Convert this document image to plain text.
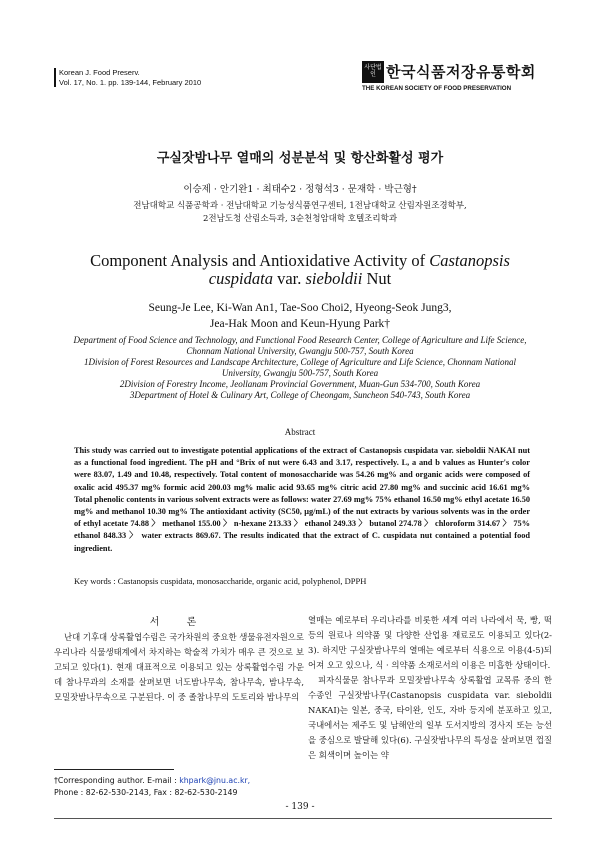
Korean J. Food Preserv.
Vol. 17, No. 1. pp. 139-144, February 2010
사단법인 한국식품저장유통학회
THE KOREAN SOCIETY OF FOOD PRESERVATION
구실잣밤나무 열매의 성분분석 및 항산화활성 평가
이승제 · 안기완1 · 최태수2 · 정형석3 · 문재학 · 박근형†
전남대학교 식품공학과 · 전남대학교 기능성식품연구센터, 1전남대학교 산림자원조경학부,
2전남도청 산림소득과, 3순천청암대학 호텔조리학과
Component Analysis and Antioxidative Activity of Castanopsis
cuspidata var. sieboldii Nut
Seung-Je Lee, Ki-Wan An1, Tae-Soo Choi2, Hyeong-Seok Jung3,
Jea-Hak Moon and Keun-Hyung Park†
Department of Food Science and Technology, and Functional Food Research Center, College of Agriculture and Life Science,
Chonnam National University, Gwangju 500-757, South Korea
1Division of Forest Resources and Landscape Architecture, College of Agriculture and Life Science, Chonnam National
University, Gwangju 500-757, South Korea
2Division of Forestry Income, Jeollanam Provincial Government, Muan-Gun 534-700, South Korea
3Department of Hotel & Culinary Art, College of Cheongam, Suncheon 540-743, South Korea
Abstract
This study was carried out to investigate potential applications of the extract of Castanopsis cuspidata var. sieboldii NAKAI nut as a functional food ingredient. The pH and °Brix of nut were 6.43 and 3.17, respectively. L, a and b values as Hunter's color were 83.07, 1.49 and 10.48, respectively. Total content of monosaccharide was 54.26 mg% and organic acids were composed of oxalic acid 495.37 mg% formic acid 200.03 mg% malic acid 93.65 mg% citric acid 27.80 mg% and succinic acid 16.61 mg% Total phenolic contents in various solvent extracts were as follows: water 27.69 mg% 75% ethanol 16.50 mg% ethyl acetate 16.50 mg% and methanol 10.30 mg% The antioxidant activity (SC50, μg/mL) of the nut extracts by various solvents was in the order of ethyl acetate 74.88 〉 methanol 155.00 〉 n-hexane 213.33 〉 ethanol 249.33 〉 butanol 274.78 〉 chloroform 314.67 〉 75% ethanol 848.33 〉 water extracts 869.67. The results indicated that the extract of C. cuspidata nut contained a potential food ingredient.
Key words : Castanopsis cuspidata, monosaccharide, organic acid, polyphenol, DPPH
서 론
난대 기후대 상록활엽수림은 국가차원의 중요한 생물유전자원으로 우리나라 식물생태계에서 차지하는 학술적 가치가 매우 큰 것으로 보고되고 있다(1). 현재 대표적으로 이용되고 있는 상록활엽수림 가운데 참나무과의 소재를 살펴보면 너도밤나무속, 참나무속, 밤나무속, 모밀잣밤나무속으로 구분된다. 이 중 졸참나무의 도토리와 밤나무의

열매는 예로부터 우리나라를 비롯한 세계 여러 나라에서 묵, 빵, 떡 등의 원료나 의약품 및 다양한 산업용 재료로도 이용되고 있다(2-3). 하지만 구실잣밤나무의 열매는 예로부터 식용으로 이용(4-5)되어져 오고 있으나, 식 · 의약품 소재로서의 이용은 미흡한 상태이다.

피자식물문 참나무과 모밀잣밤나무속 상록활엽 교목류 중의 한 수종인 구실잣밤나무(Castanopsis cuspidata var. sieboldii NAKAI)는 일본, 중국, 타이완, 인도, 자바 등지에 분포하고 있고, 국내에서는 제주도 및 남해안의 일부 도서지방의 경사지 또는 능선을 중심으로 발달해 있다(6). 구실잣밤나무의 특성을 살펴보면 껍질은 회색이며 높이는 약

†Corresponding author. E-mail : khpark@jnu.ac.kr,
Phone : 82-62-530-2143, Fax : 82-62-530-2149
- 139 -
